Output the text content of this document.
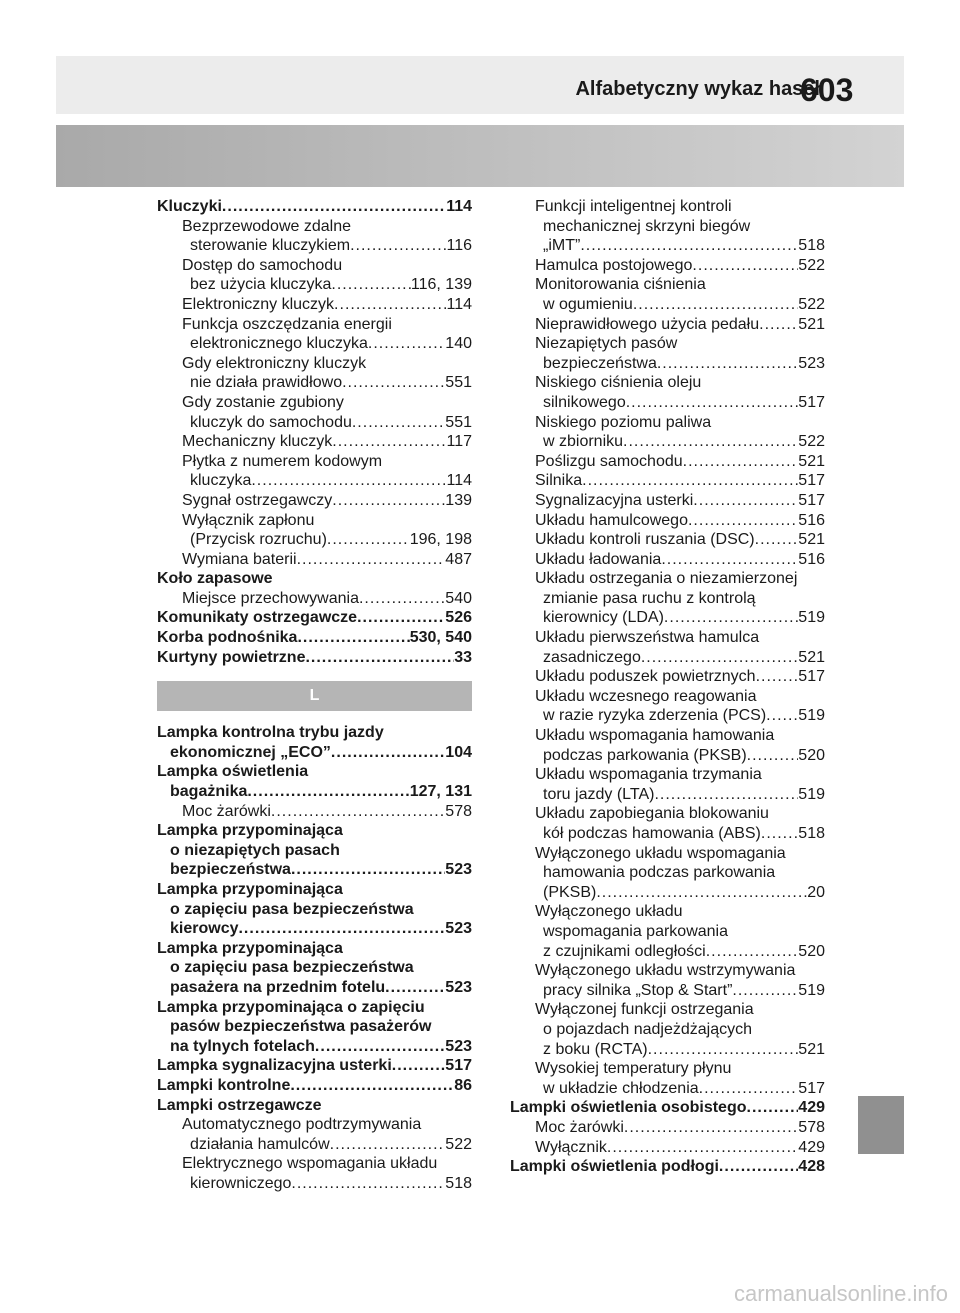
Alfabetyczny wykaz haseł
603
Kluczyki .....	114
Bezprzewodowe zdalne
sterowanie kluczykiem .....	116
Dostęp do samochodu
bez użycia kluczyka .....	116, 139
Elektroniczny kluczyk .....	114
Funkcja oszczędzania energii
elektronicznego kluczyka .....	140
Gdy elektroniczny kluczyk
nie działa prawidłowo .....	551
Gdy zostanie zgubiony
kluczyk do samochodu .....	551
Mechaniczny kluczyk .....	117
Płytka z numerem kodowym
kluczyka .....	114
Sygnał ostrzegawczy .....	139
Wyłącznik zapłonu
(Przycisk rozruchu) .....	196, 198
Wymiana baterii .....	487
Koło zapasowe
Miejsce przechowywania .....	540
Komunikaty ostrzegawcze .....	526
Korba podnośnika .....	530, 540
Kurtyny powietrzne .....	33
L
Lampka kontrolna trybu jazdy
ekonomicznej „ECO” .....	104
Lampka oświetlenia
bagażnika .....	127, 131
Moc żarówki .....	578
Lampka przypominająca
o niezapiętych pasach
bezpieczeństwa .....	523
Lampka przypominająca
o zapięciu pasa bezpieczeństwa
kierowcy .....	523
Lampka przypominająca
o zapięciu pasa bezpieczeństwa
pasażera na przednim fotelu .....	523
Lampka przypominająca o zapięciu
pasów bezpieczeństwa pasażerów
na tylnych fotelach .....	523
Lampka sygnalizacyjna usterki .....	517
Lampki kontrolne .....	86
Lampki ostrzegawcze
Automatycznego podtrzymywania
działania hamulców .....	522
Elektrycznego wspomagania układu
kierowniczego .....	518
Funkcji inteligentnej kontroli
mechanicznej skrzyni biegów
„iMT” .....	518
Hamulca postojowego .....	522
Monitorowania ciśnienia
w ogumieniu .....	522
Nieprawidłowego użycia pedału ..... 521
Niezapiętych pasów
bezpieczeństwa .....	523
Niskiego ciśnienia oleju
silnikowego .....	517
Niskiego poziomu paliwa
w zbiorniku .....	522
Poślizgu samochodu .....	521
Silnika .....	517
Sygnalizacyjna usterki .....	517
Układu hamulcowego .....	516
Układu kontroli ruszania (DSC) .....	521
Układu ładowania .....	516
Układu ostrzegania o niezamierzonej
zmianie pasa ruchu z kontrolą
kierownicy (LDA) .....	519
Układu pierwszeństwa hamulca
zasadniczego .....	521
Układu poduszek powietrznych .....	517
Układu wczesnego reagowania
w razie ryzyka zderzenia (PCS) ..... 519
Układu wspomagania hamowania
podczas parkowania (PKSB) .....	520
Układu wspomagania trzymania
toru jazdy (LTA) .....	519
Układu zapobiegania blokowaniu
kół podczas hamowania (ABS) ..... 518
Wyłączonego układu wspomagania
hamowania podczas parkowania
(PKSB) .....	20
Wyłączonego układu
wspomagania parkowania
z czujnikami odległości .....	520
Wyłączonego układu wstrzymywania
pracy silnika „Stop & Start” .....	519
Wyłączonej funkcji ostrzegania
o pojazdach nadjeżdżających
z boku (RCTA) .....	521
Wysokiej temperatury płynu
w układzie chłodzenia .....	517
Lampki oświetlenia osobistego .....	429
Moc żarówki .....	578
Wyłącznik .....	429
Lampki oświetlenia podłogi .....	428
carmanualsonline.info
